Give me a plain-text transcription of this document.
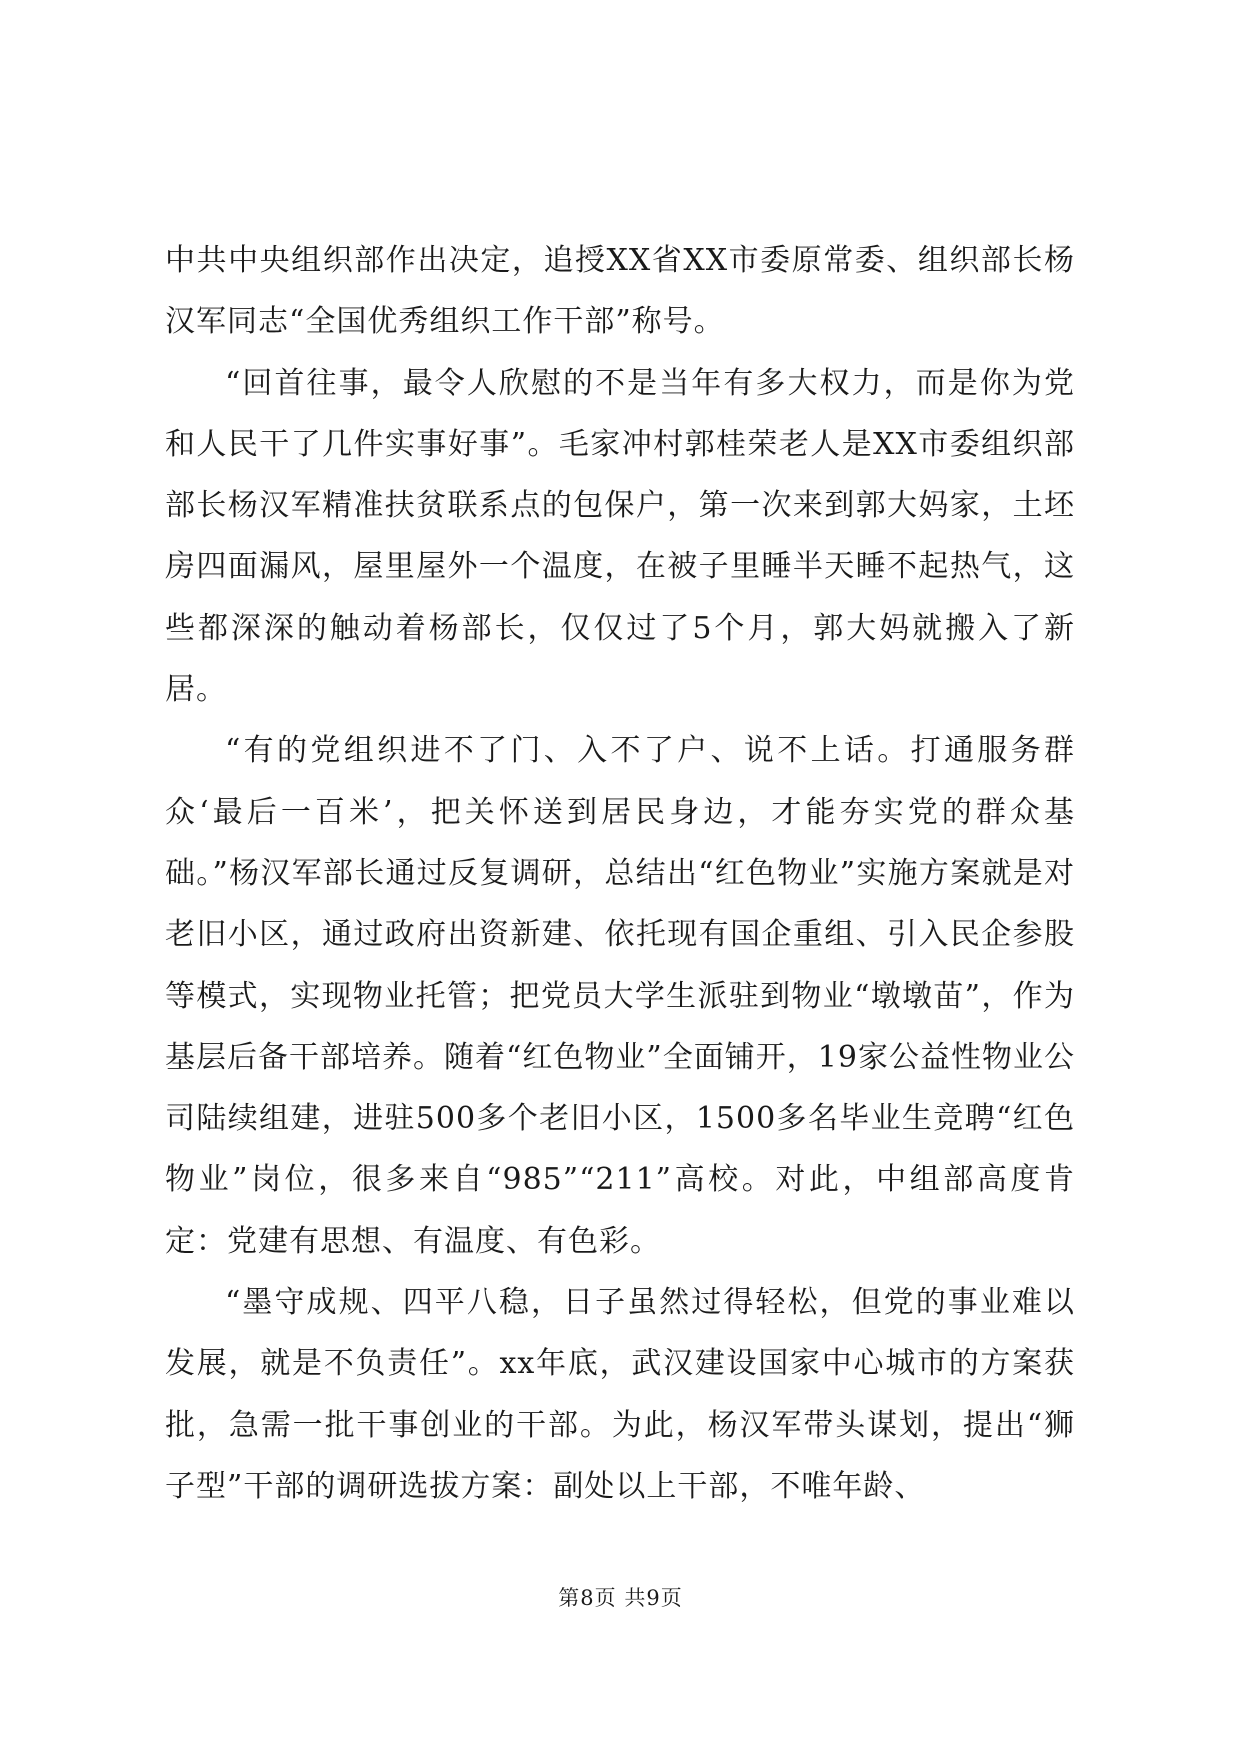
中共中央组织部作出决定，追授XX省XX市委原常委、组织部长杨汉军同志“全国优秀组织工作干部”称号。

“回首往事，最令人欣慰的不是当年有多大权力，而是你为党和人民干了几件实事好事”。毛家冲村郭桂荣老人是XX市委组织部部长杨汉军精准扶贫联系点的包保户，第一次来到郭大妈家，土坯房四面漏风，屋里屋外一个温度，在被子里睡半天睡不起热气，这些都深深的触动着杨部长，仅仅过了5个月，郭大妈就搬入了新居。

“有的党组织进不了门、入不了户、说不上话。打通服务群众‘最后一百米’，把关怀送到居民身边，才能夯实党的群众基础。”杨汉军部长通过反复调研，总结出“红色物业”实施方案就是对老旧小区，通过政府出资新建、依托现有国企重组、引入民企参股等模式，实现物业托管；把党员大学生派驻到物业“墩墩苗”，作为基层后备干部培养。随着“红色物业”全面铺开，19家公益性物业公司陆续组建，进驻500多个老旧小区，1500多名毕业生竞聘“红色物业”岗位，很多来自“985”“211”高校。对此，中组部高度肯定：党建有思想、有温度、有色彩。

“墨守成规、四平八稳，日子虽然过得轻松，但党的事业难以发展，就是不负责任”。xx年底，武汉建设国家中心城市的方案获批，急需一批干事创业的干部。为此，杨汉军带头谋划，提出“狮子型”干部的调研选拔方案：副处以上干部，不唯年龄、

第8页 共9页
